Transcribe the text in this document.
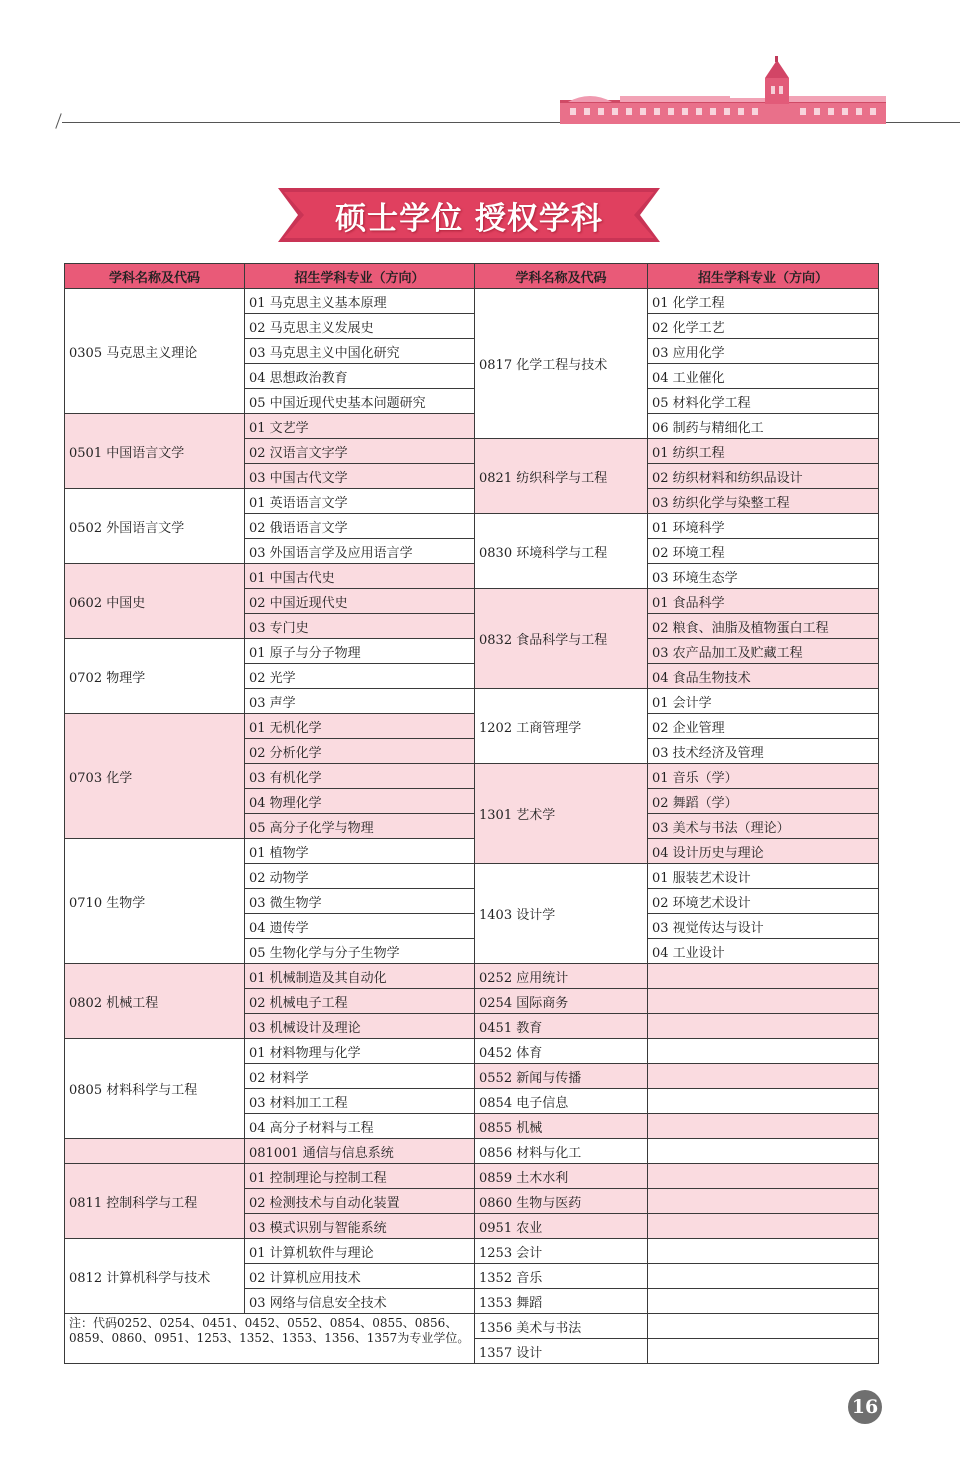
硕士学位 授权学科
学科名称及代码	招生学科专业（方向）	学科名称及代码	招生学科专业（方向）
0305 马克思主义理论	01 马克思主义基本原理	0817 化学工程与技术	01 化学工程
	02 马克思主义发展史		02 化学工艺
	03 马克思主义中国化研究		03 应用化学
	04 思想政治教育		04 工业催化
	05 中国近现代史基本问题研究		05 材料化学工程
0501 中国语言文学	01 文艺学		06 制药与精细化工
	02 汉语言文字学	0821 纺织科学与工程	01 纺织工程
	03 中国古代文学		02 纺织材料和纺织品设计
0502 外国语言文学	01 英语语言文学		03 纺织化学与染整工程
	02 俄语语言文学	0830 环境科学与工程	01 环境科学
	03 外国语言学及应用语言学		02 环境工程
0602 中国史	01 中国古代史		03 环境生态学
	02 中国近现代史	0832 食品科学与工程	01 食品科学
	03 专门史		02 粮食、油脂及植物蛋白工程
0702 物理学	01 原子与分子物理		03 农产品加工及贮藏工程
	02 光学		04 食品生物技术
	03 声学	1202 工商管理学	01 会计学
0703 化学	01 无机化学		02 企业管理
	02 分析化学		03 技术经济及管理
	03 有机化学	1301 艺术学	01 音乐（学）
	04 物理化学		02 舞蹈（学）
	05 高分子化学与物理		03 美术与书法（理论）
0710 生物学	01 植物学		04 设计历史与理论
	02 动物学	1403 设计学	01 服装艺术设计
	03 微生物学		02 环境艺术设计
	04 遗传学		03 视觉传达与设计
	05 生物化学与分子生物学		04 工业设计
0802 机械工程	01 机械制造及其自动化	0252 应用统计	
	02 机械电子工程	0254 国际商务	
	03 机械设计及理论	0451 教育	
0805 材料科学与工程	01 材料物理与化学	0452 体育	
	02 材料学	0552 新闻与传播	
	03 材料加工工程	0854 电子信息	
	04 高分子材料与工程	0855 机械	
	081001 通信与信息系统	0856 材料与化工	
0811 控制科学与工程	01 控制理论与控制工程	0859 土木水利	
	02 检测技术与自动化装置	0860 生物与医药	
	03 模式识别与智能系统	0951 农业	
0812 计算机科学与技术	01 计算机软件与理论	1253 会计	
	02 计算机应用技术	1352 音乐	
	03 网络与信息安全技术	1353 舞蹈	
注：代码0252、0254、0451、0452、0552、0854、0855、0856、0859、0860、0951、1253、1352、1353、1356、1357为专业学位。		1356 美术与书法	
		1357 设计	
16
